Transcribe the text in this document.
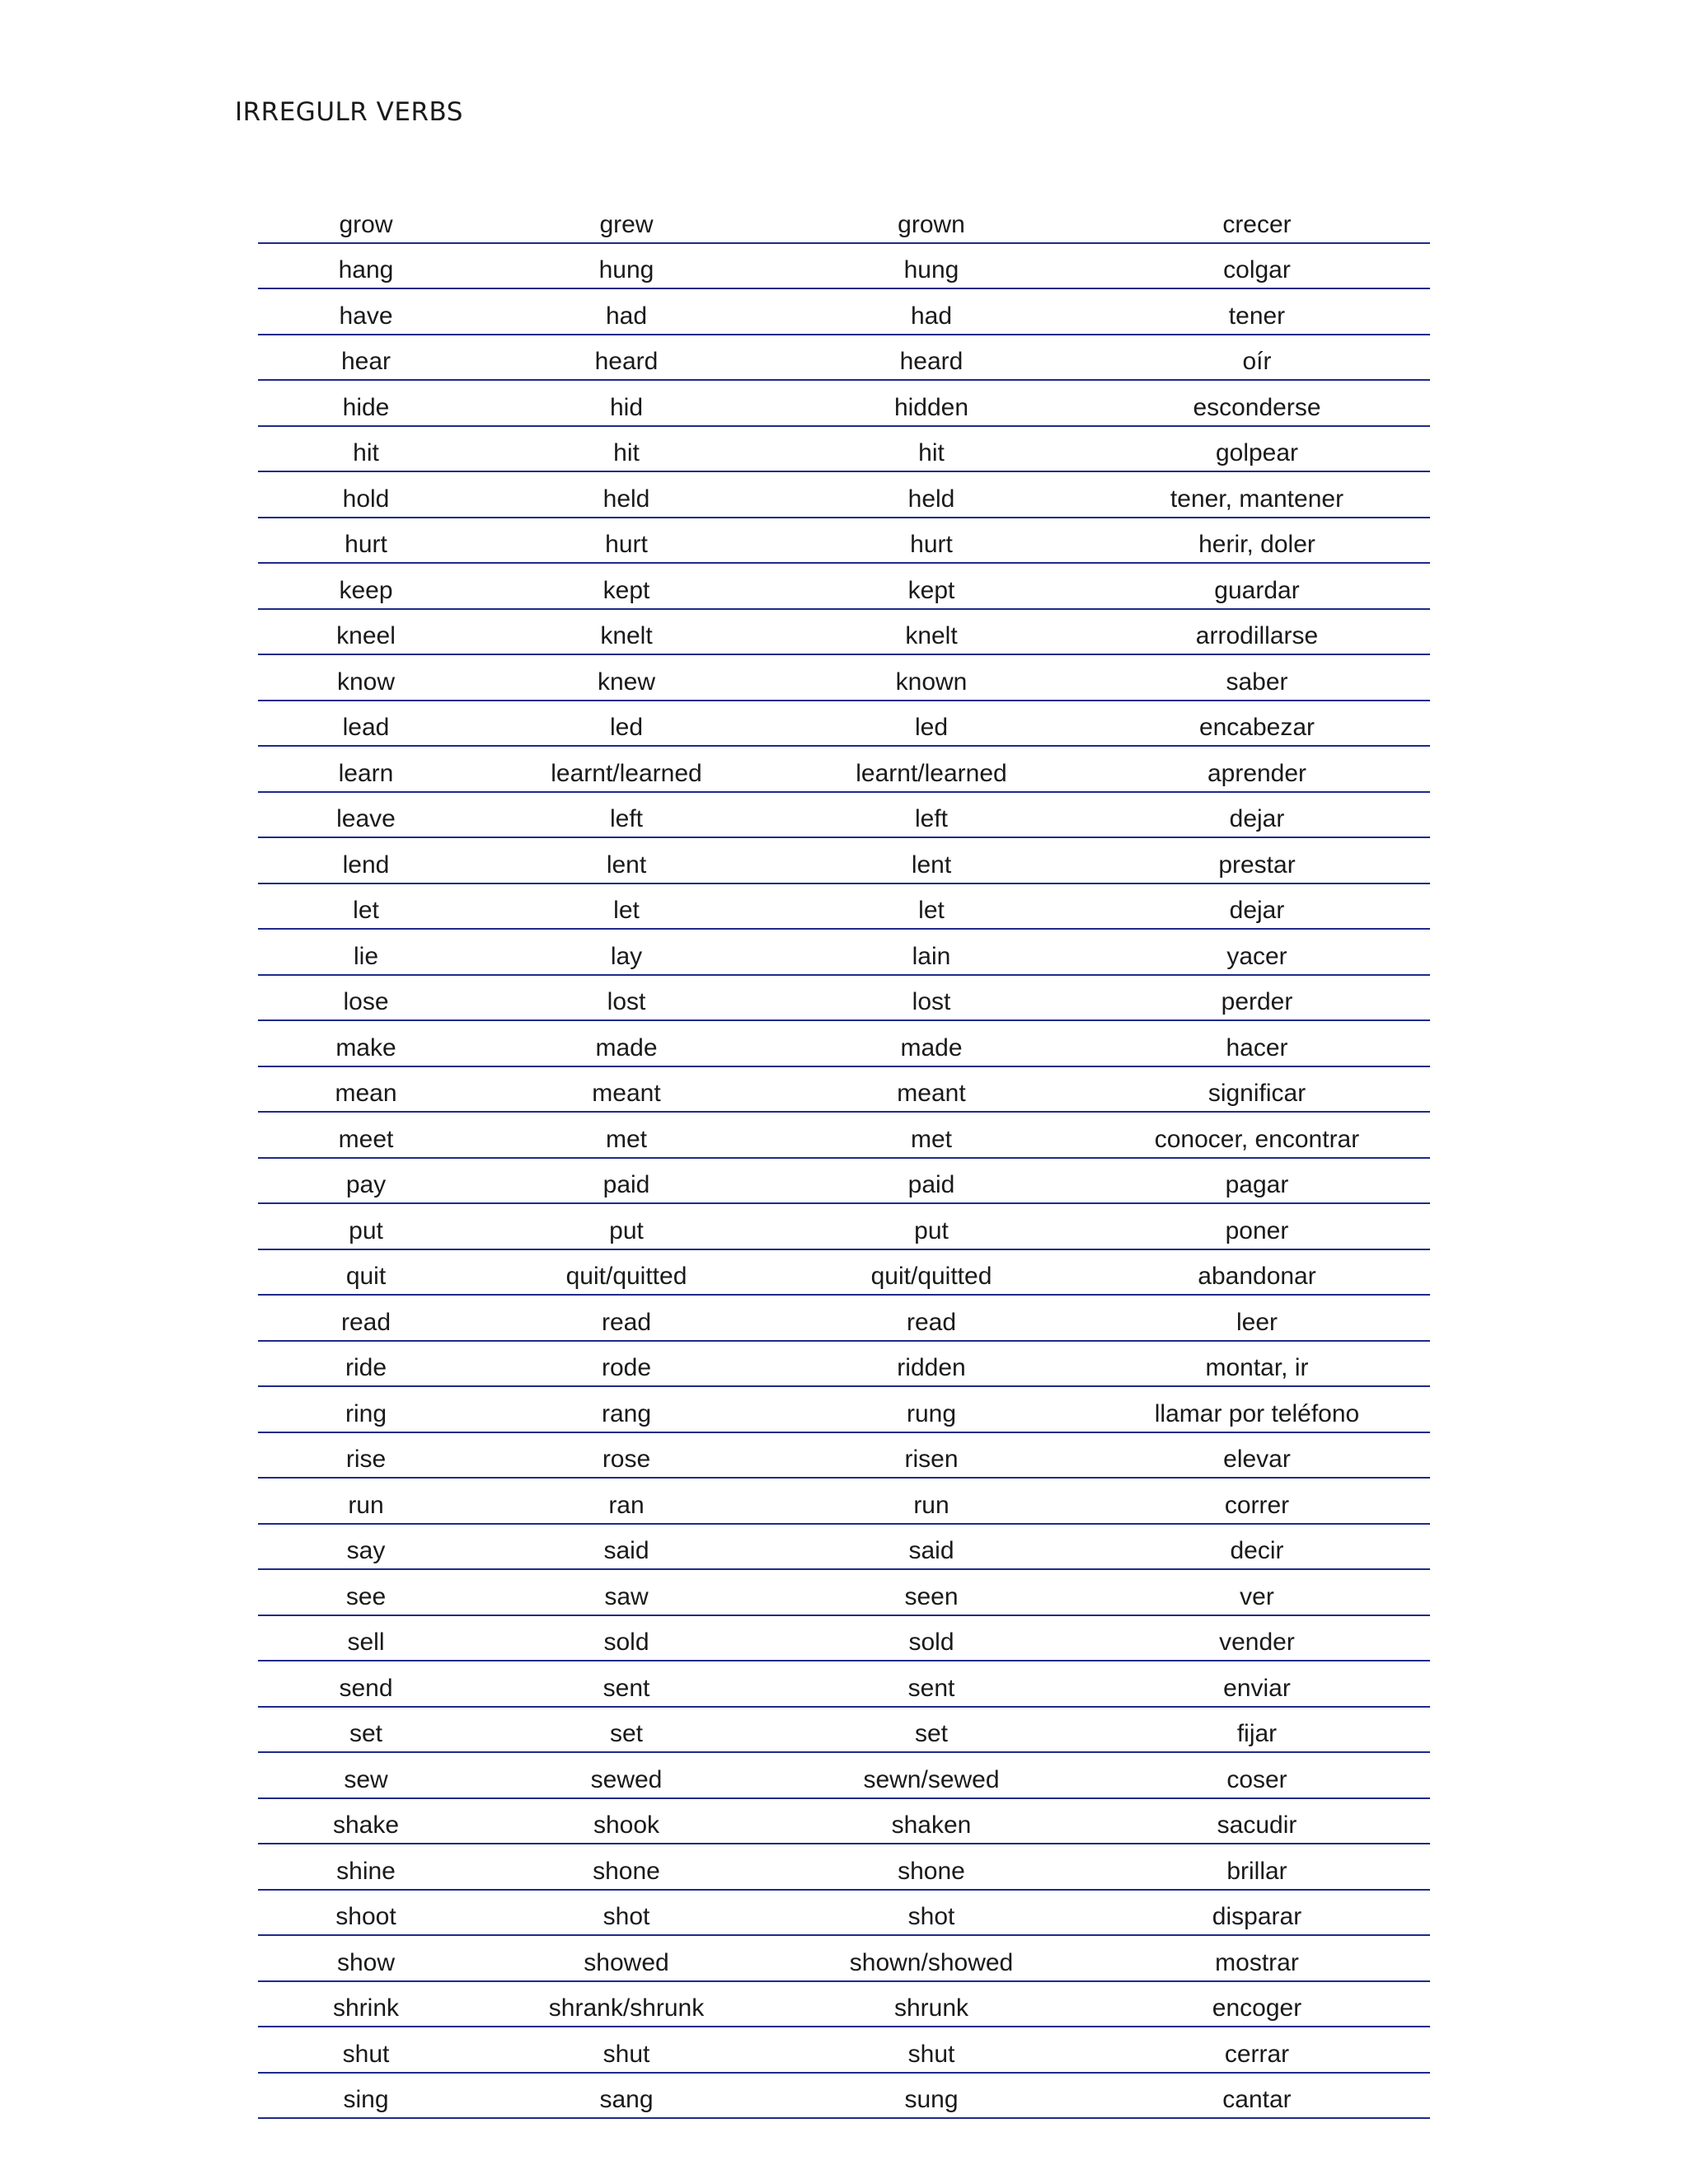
IRREGULR VERBS
grow	grew	grown	crecer
hang	hung	hung	colgar
have	had	had	tener
hear	heard	heard	oír
hide	hid	hidden	esconderse
hit	hit	hit	golpear
hold	held	held	tener, mantener
hurt	hurt	hurt	herir, doler
keep	kept	kept	guardar
kneel	knelt	knelt	arrodillarse
know	knew	known	saber
lead	led	led	encabezar
learn	learnt/learned	learnt/learned	aprender
leave	left	left	dejar
lend	lent	lent	prestar
let	let	let	dejar
lie	lay	lain	yacer
lose	lost	lost	perder
make	made	made	hacer
mean	meant	meant	significar
meet	met	met	conocer, encontrar
pay	paid	paid	pagar
put	put	put	poner
quit	quit/quitted	quit/quitted	abandonar
read	read	read	leer
ride	rode	ridden	montar, ir
ring	rang	rung	llamar por teléfono
rise	rose	risen	elevar
run	ran	run	correr
say	said	said	decir
see	saw	seen	ver
sell	sold	sold	vender
send	sent	sent	enviar
set	set	set	fijar
sew	sewed	sewn/sewed	coser
shake	shook	shaken	sacudir
shine	shone	shone	brillar
shoot	shot	shot	disparar
show	showed	shown/showed	mostrar
shrink	shrank/shrunk	shrunk	encoger
shut	shut	shut	cerrar
sing	sang	sung	cantar
